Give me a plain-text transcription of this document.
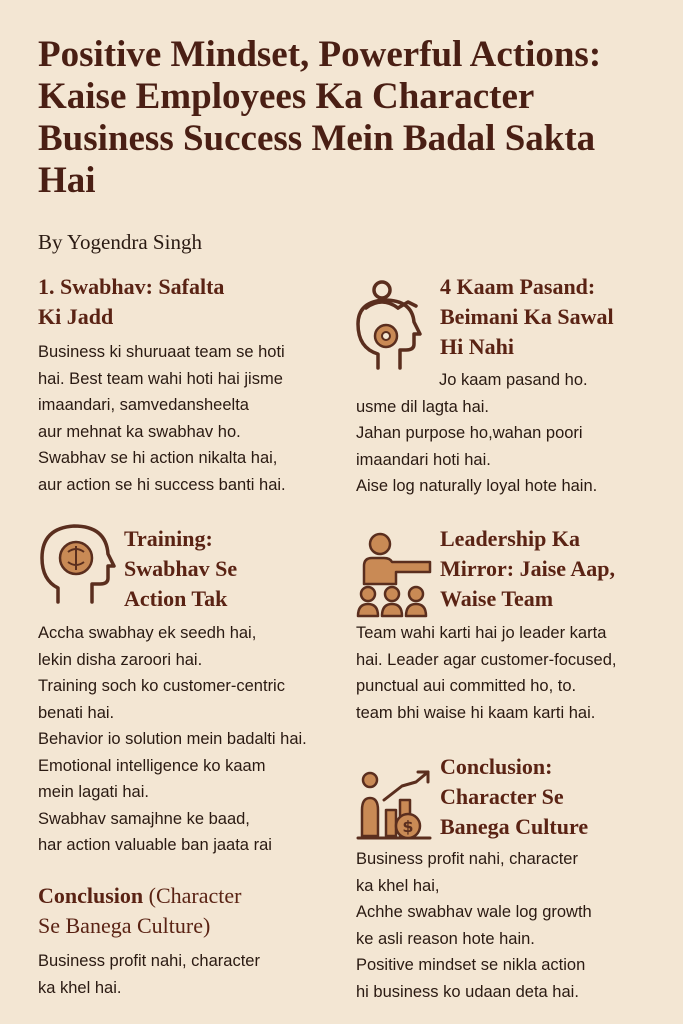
Positive Mindset, Powerful Actions: Kaise Employees Ka Character Business Success Mein Badal Sakta Hai
By Yogendra Singh
1. Swabhav: Safalta
Ki Jadd
Business ki shuruaat team se hoti
hai. Best team wahi hoti hai jisme
imaandari, samvedansheelta
aur mehnat ka swabhav ho.
Swabhav se hi action nikalta hai,
aur action se hi success banti hai.
4 Kaam Pasand:
Beimani Ka Sawal
Hi Nahi
Jo kaam pasand ho.
usme dil lagta hai.
Jahan purpose ho,wahan poori
imaandari hoti hai.
Aise log naturally loyal hote hain.
Training:
Swabhav Se
Action Tak
Accha swabhay ek seedh hai,
lekin disha zaroori hai.
Training soch ko customer-centric
benati hai.
Behavior io solution mein badalti hai.
Emotional intelligence ko kaam
mein lagati hai.
Swabhav samajhne ke baad,
har action valuable ban jaata rai
Leadership Ka
Mirror: Jaise Aap,
Waise Team
Team wahi karti hai jo leader karta
hai. Leader agar customer-focused,
punctual aui committed ho, to.
team bhi waise hi kaam karti hai.
$
Conclusion:
Character Se
Banega Culture
Business profit nahi, character
ka khel hai,
Achhe swabhav wale log growth
ke asli reason hote hain.
Positive mindset se nikla action
hi business ko udaan deta hai.
Conclusion (Character
Se Banega Culture)
Business profit nahi, character
ka khel hai.
